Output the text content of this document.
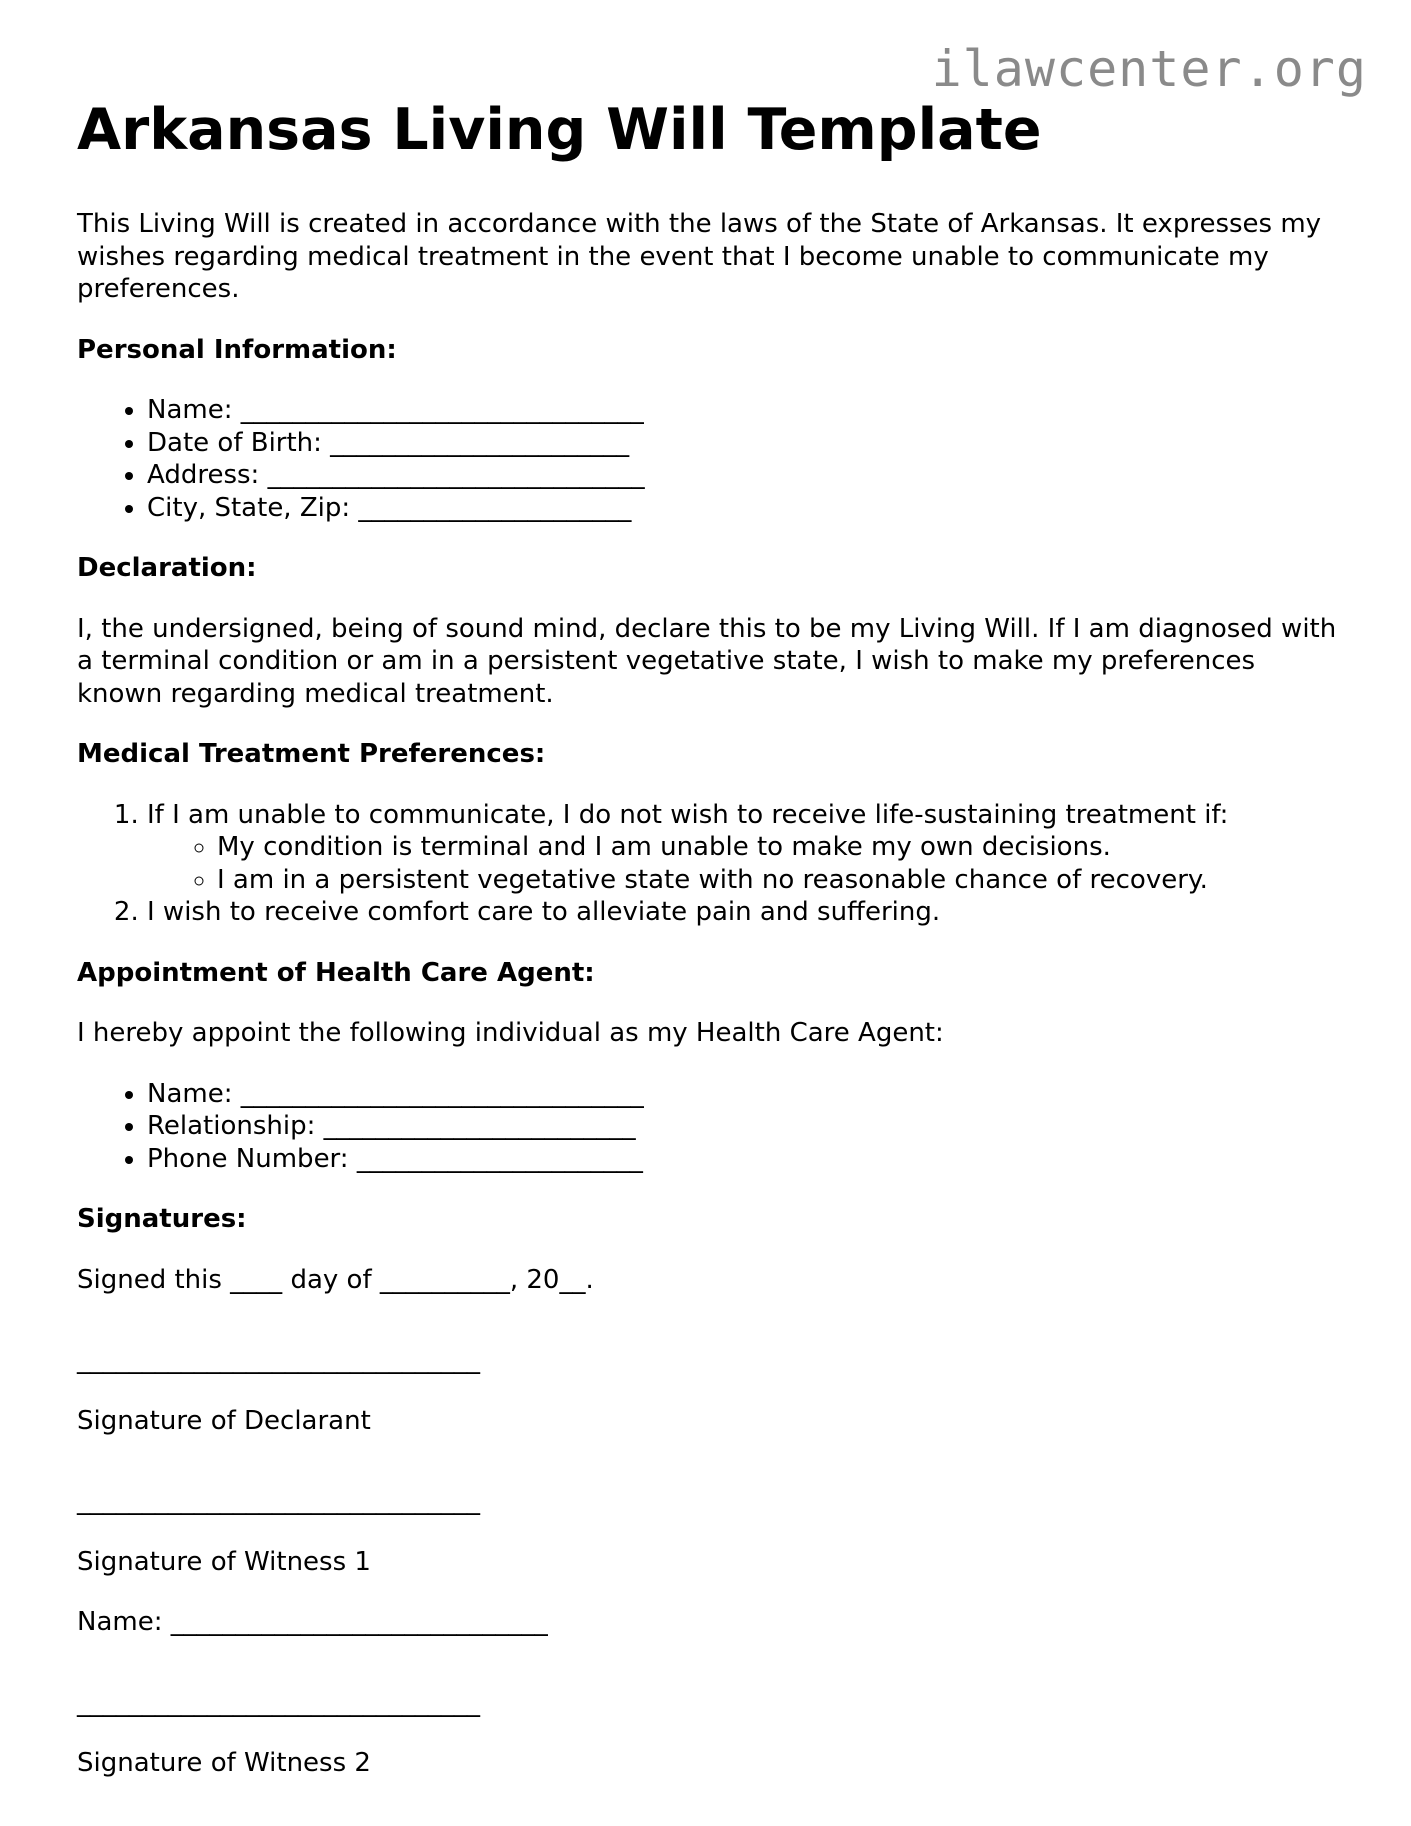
ilawcenter.org
Arkansas Living Will Template

This Living Will is created in accordance with the laws of the State of Arkansas. It expresses my wishes regarding medical treatment in the event that I become unable to communicate my preferences.

Personal Information:

• Name: _______________________________
• Date of Birth: _______________________
• Address: _____________________________
• City, State, Zip: _____________________

Declaration:

I, the undersigned, being of sound mind, declare this to be my Living Will. If I am diagnosed with a terminal condition or am in a persistent vegetative state, I wish to make my preferences known regarding medical treatment.

Medical Treatment Preferences:

1. If I am unable to communicate, I do not wish to receive life-sustaining treatment if:
◦ My condition is terminal and I am unable to make my own decisions.
◦ I am in a persistent vegetative state with no reasonable chance of recovery.
2. I wish to receive comfort care to alleviate pain and suffering.

Appointment of Health Care Agent:

I hereby appoint the following individual as my Health Care Agent:

• Name: _______________________________
• Relationship: ________________________
• Phone Number: ______________________

Signatures:

Signed this ____ day of __________, 20__.

_______________________________

Signature of Declarant

_______________________________

Signature of Witness 1

Name: _____________________________

_______________________________

Signature of Witness 2
